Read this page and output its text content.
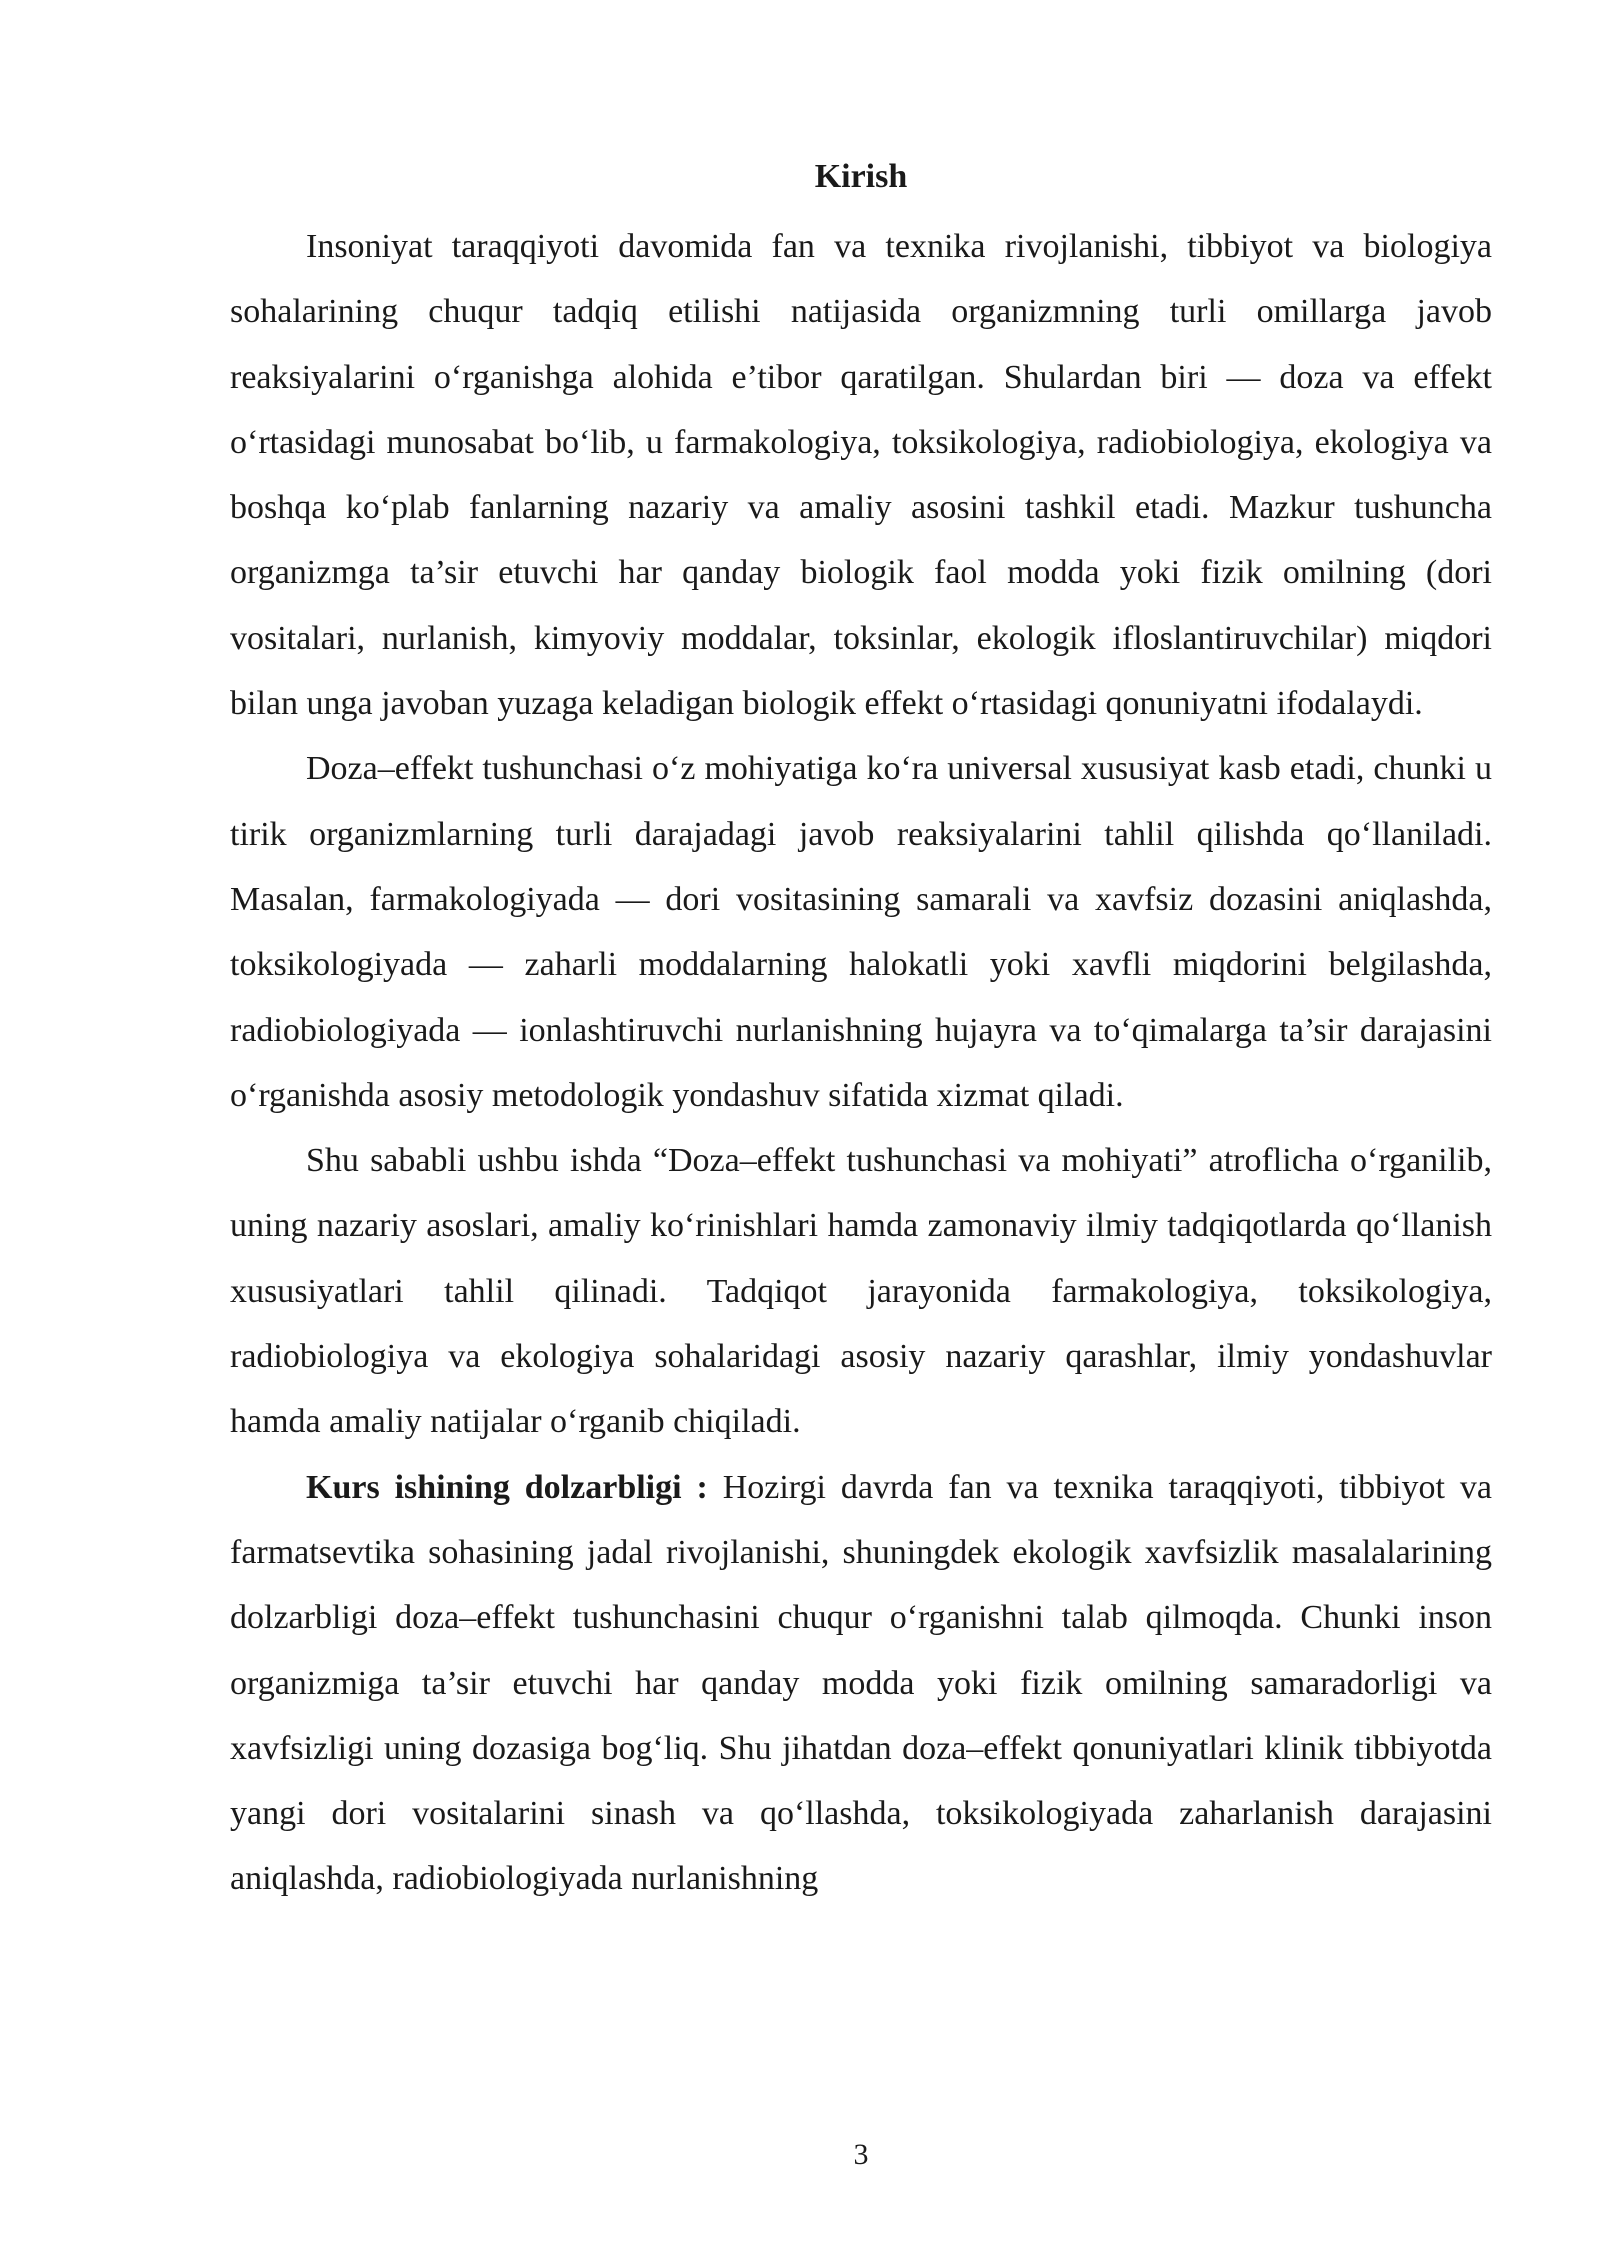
Kirish

Insoniyat taraqqiyoti davomida fan va texnika rivojlanishi, tibbiyot va biologiya sohalarining chuqur tadqiq etilishi natijasida organizmning turli omillarga javob reaksiyalarini o‘rganishga alohida e’tibor qaratilgan. Shulardan biri — doza va effekt o‘rtasidagi munosabat bo‘lib, u farmakologiya, toksikologiya, radiobiologiya, ekologiya va boshqa ko‘plab fanlarning nazariy va amaliy asosini tashkil etadi. Mazkur tushuncha organizmga ta’sir etuvchi har qanday biologik faol modda yoki fizik omilning (dori vositalari, nurlanish, kimyoviy moddalar, toksinlar, ekologik ifloslantiruvchilar) miqdori bilan unga javoban yuzaga keladigan biologik effekt o‘rtasidagi qonuniyatni ifodalaydi.

Doza–effekt tushunchasi o‘z mohiyatiga ko‘ra universal xususiyat kasb etadi, chunki u tirik organizmlarning turli darajadagi javob reaksiyalarini tahlil qilishda qo‘llaniladi. Masalan, farmakologiyada — dori vositasining samarali va xavfsiz dozasini aniqlashda, toksikologiyada — zaharli moddalarning halokatli yoki xavfli miqdorini belgilashda, radiobiologiyada — ionlashtiruvchi nurlanishning hujayra va to‘qimalarga ta’sir darajasini o‘rganishda asosiy metodologik yondashuv sifatida xizmat qiladi.

Shu sababli ushbu ishda “Doza–effekt tushunchasi va mohiyati” atroflicha o‘rganilib, uning nazariy asoslari, amaliy ko‘rinishlari hamda zamonaviy ilmiy tadqiqotlarda qo‘llanish xususiyatlari tahlil qilinadi. Tadqiqot jarayonida farmakologiya, toksikologiya, radiobiologiya va ekologiya sohalaridagi asosiy nazariy qarashlar, ilmiy yondashuvlar hamda amaliy natijalar o‘rganib chiqiladi.

Kurs ishining dolzarbligi : Hozirgi davrda fan va texnika taraqqiyoti, tibbiyot va farmatsevtika sohasining jadal rivojlanishi, shuningdek ekologik xavfsizlik masalalarining dolzarbligi doza–effekt tushunchasini chuqur o‘rganishni talab qilmoqda. Chunki inson organizmiga ta’sir etuvchi har qanday modda yoki fizik omilning samaradorligi va xavfsizligi uning dozasiga bog‘liq. Shu jihatdan doza–effekt qonuniyatlari klinik tibbiyotda yangi dori vositalarini sinash va qo‘llashda, toksikologiyada zaharlanish darajasini aniqlashda, radiobiologiyada nurlanishning

3
